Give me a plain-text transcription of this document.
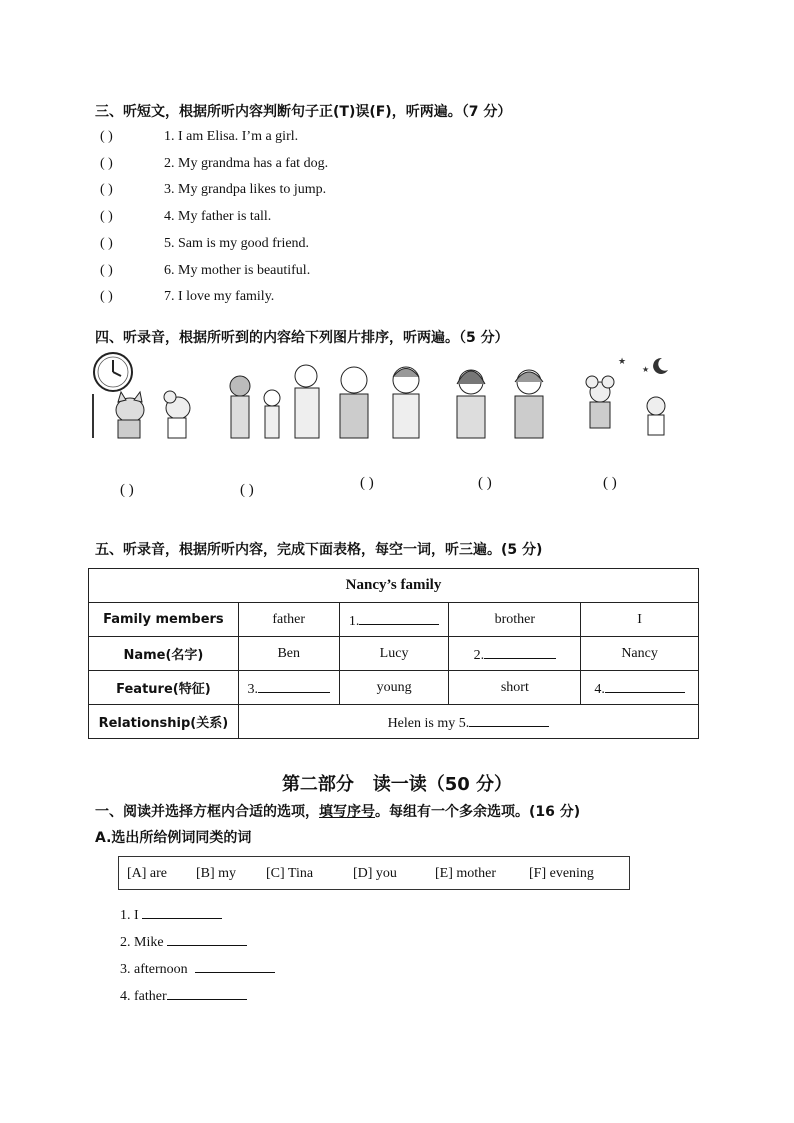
三、听短文，根据所听内容判断句子正(T)误(F)，听两遍。（7 分）
( )	1. I am Elisa. I’m a girl.
( )	2. My grandma has a fat dog.
( )	3. My grandpa likes to jump.
( )	4. My father is tall.
( )	5. Sam is my good friend.
( )	6. My mother is beautiful.
( )	7. I love my family.
四、听录音，根据所听到的内容给下列图片排序，听两遍。（5 分）
★
★
( )	( )	( )	( )	( )
五、听录音，根据所听内容，完成下面表格，每空一词，听三遍。(5 分)
Nancy’s family				
Family members	father	1.	brother	I
Name(名字)	Ben	Lucy	2.	Nancy
Feature(特征)	3.	young	short	4.
Relationship(关系)	Helen is my 5.			
第二部分   读一读（50 分）
一、阅读并选择方框内合适的选项，填写序号。每组有一个多余选项。(16 分)
A.选出所给例词同类的词
[A] are [B] my [C] Tina	[D] you	[E] mother [F] evening
1. I
2. Mike
3. afternoon
4. father
